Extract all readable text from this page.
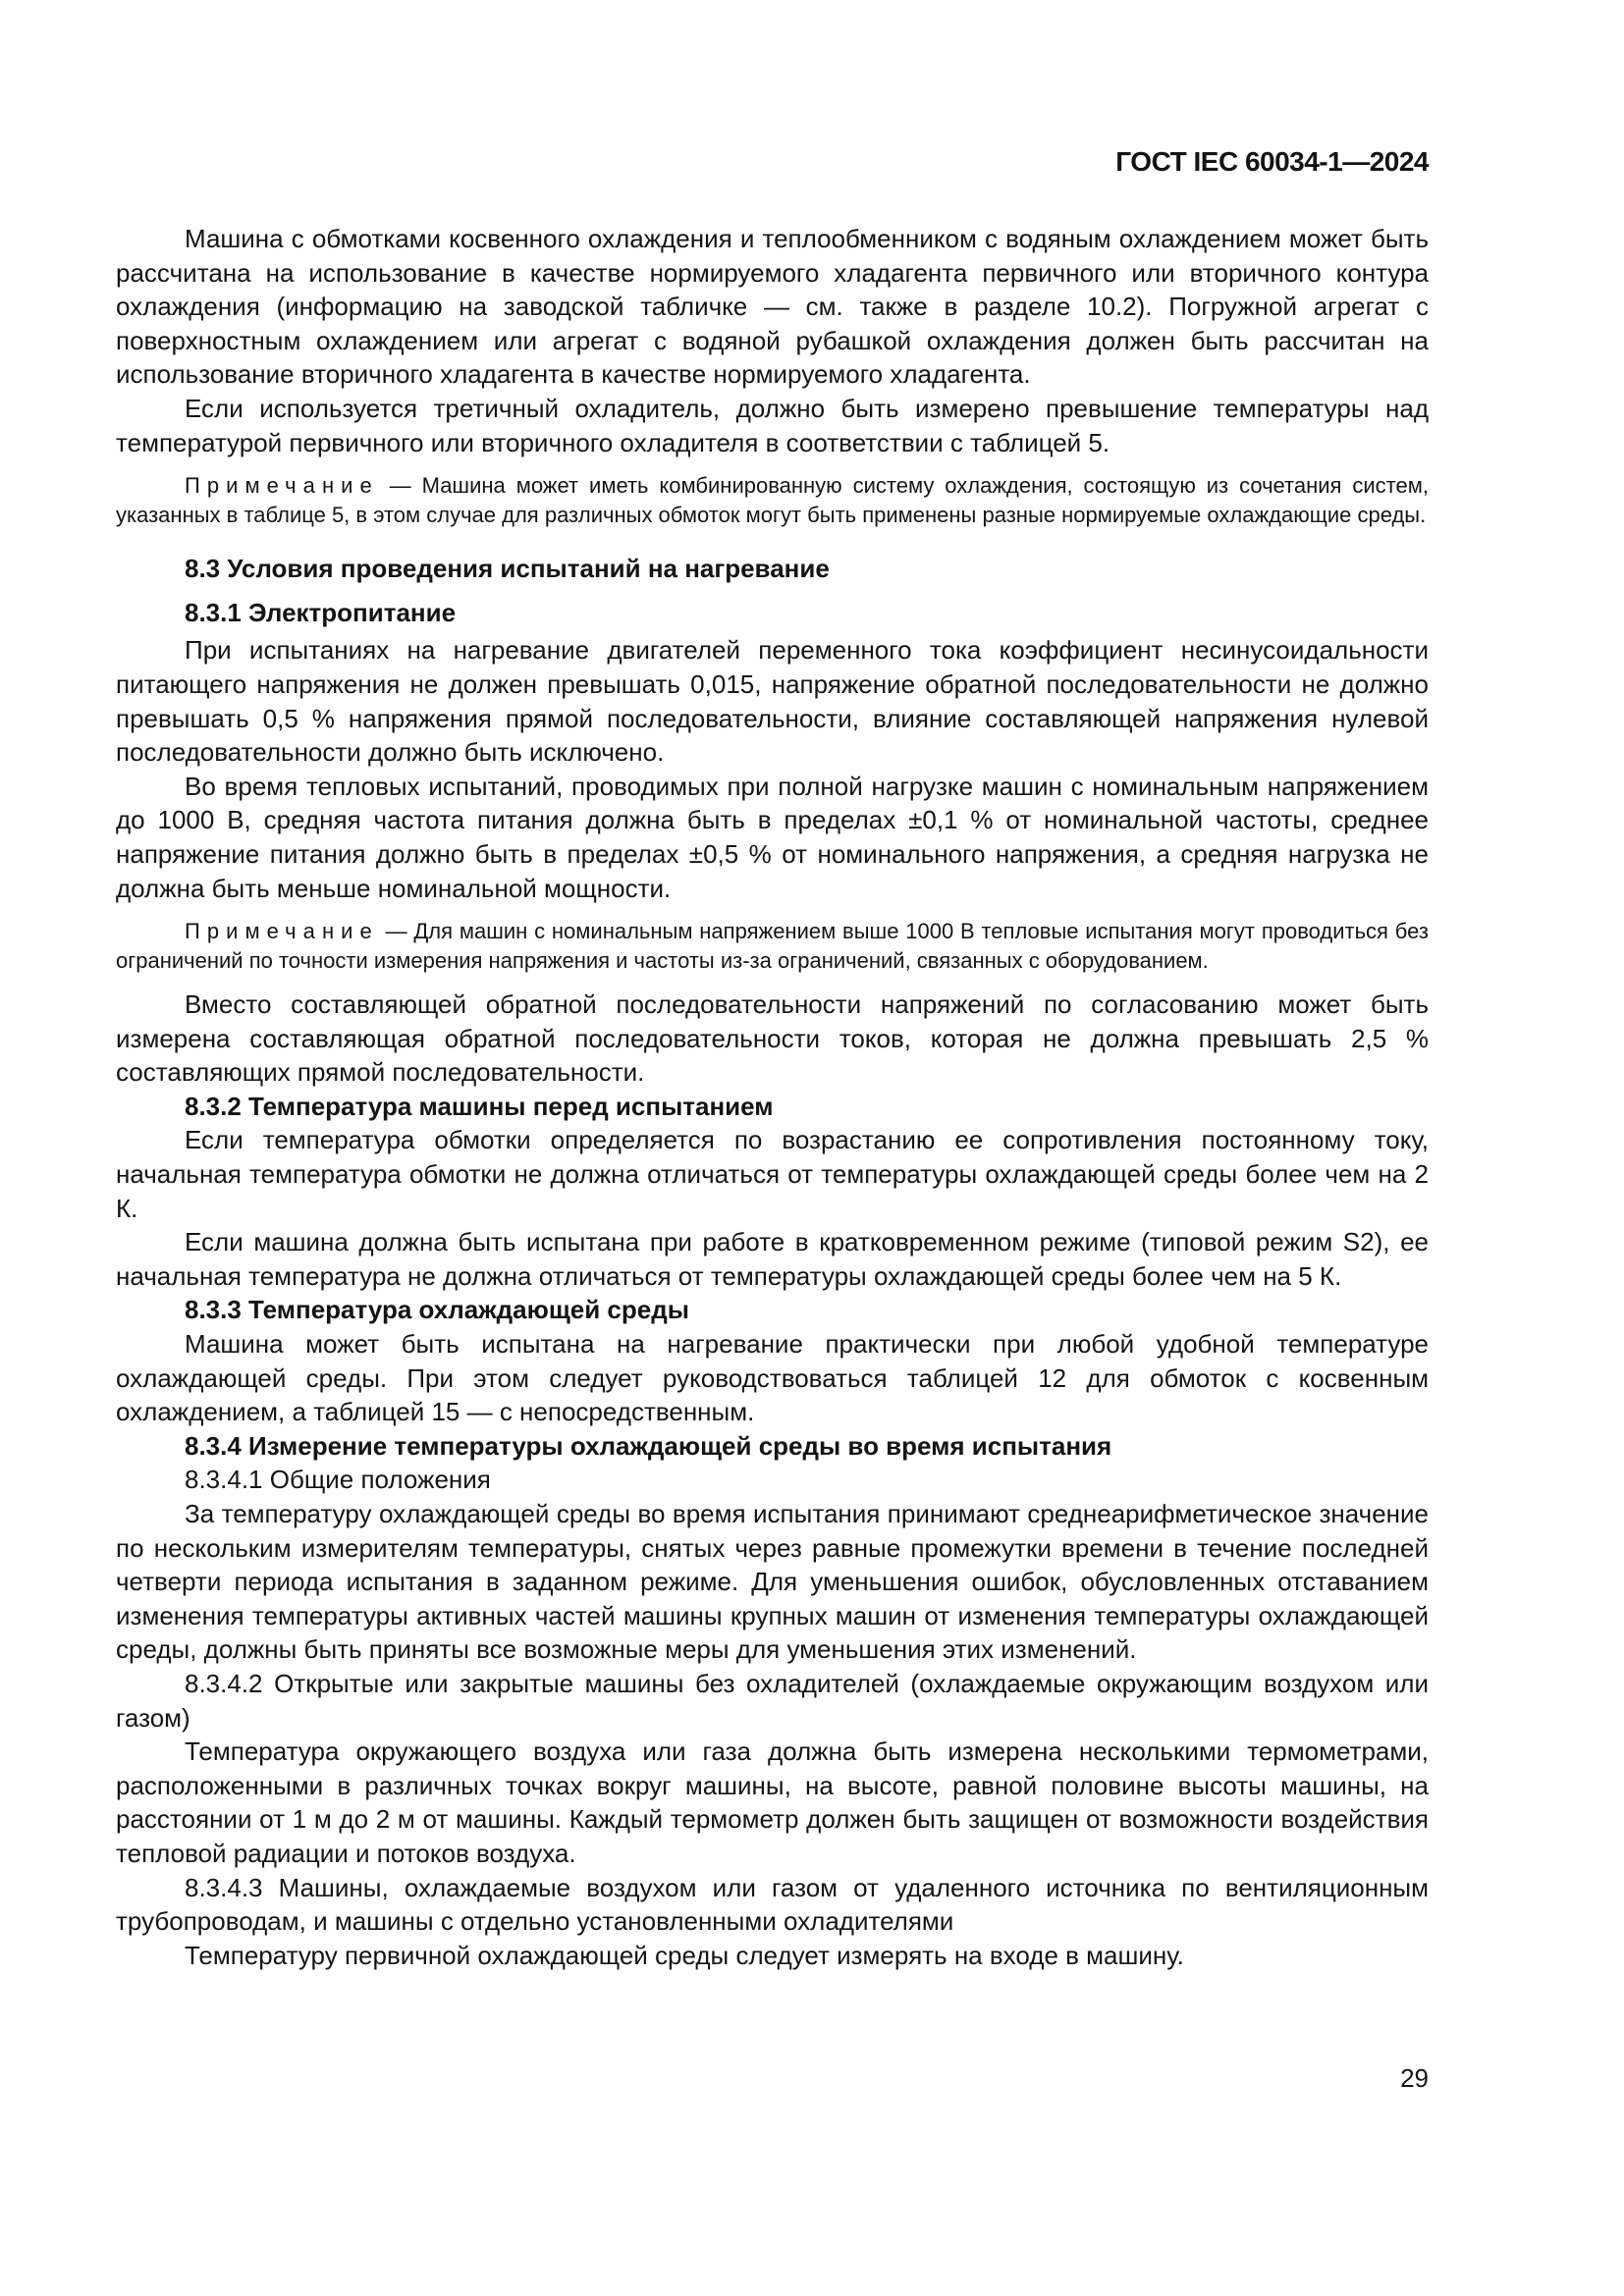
ГОСТ IEC 60034-1—2024

Машина с обмотками косвенного охлаждения и теплообменником с водяным охлаждением может быть рассчитана на использование в качестве нормируемого хладагента первичного или вторичного контура охлаждения (информацию на заводской табличке — см. также в разделе 10.2). Погружной агрегат с поверхностным охлаждением или агрегат с водяной рубашкой охлаждения должен быть рассчитан на использование вторичного хладагента в качестве нормируемого хладагента.

Если используется третичный охладитель, должно быть измерено превышение температуры над температурой первичного или вторичного охладителя в соответствии с таблицей 5.

Примечание — Машина может иметь комбинированную систему охлаждения, состоящую из сочетания систем, указанных в таблице 5, в этом случае для различных обмоток могут быть применены разные нормируемые охлаждающие среды.

8.3 Условия проведения испытаний на нагревание

8.3.1 Электропитание

При испытаниях на нагревание двигателей переменного тока коэффициент несинусоидальности питающего напряжения не должен превышать 0,015, напряжение обратной последовательности не должно превышать 0,5 % напряжения прямой последовательности, влияние составляющей напряжения нулевой последовательности должно быть исключено.

Во время тепловых испытаний, проводимых при полной нагрузке машин с номинальным напряжением до 1000 В, средняя частота питания должна быть в пределах ±0,1 % от номинальной частоты, среднее напряжение питания должно быть в пределах ±0,5 % от номинального напряжения, а средняя нагрузка не должна быть меньше номинальной мощности.

Примечание — Для машин с номинальным напряжением выше 1000 В тепловые испытания могут проводиться без ограничений по точности измерения напряжения и частоты из-за ограничений, связанных с оборудованием.

Вместо составляющей обратной последовательности напряжений по согласованию может быть измерена составляющая обратной последовательности токов, которая не должна превышать 2,5 % составляющих прямой последовательности.

8.3.2 Температура машины перед испытанием

Если температура обмотки определяется по возрастанию ее сопротивления постоянному току, начальная температура обмотки не должна отличаться от температуры охлаждающей среды более чем на 2 К.

Если машина должна быть испытана при работе в кратковременном режиме (типовой режим S2), ее начальная температура не должна отличаться от температуры охлаждающей среды более чем на 5 К.

8.3.3 Температура охлаждающей среды

Машина может быть испытана на нагревание практически при любой удобной температуре охлаждающей среды. При этом следует руководствоваться таблицей 12 для обмоток с косвенным охлаждением, а таблицей 15 — с непосредственным.

8.3.4 Измерение температуры охлаждающей среды во время испытания

8.3.4.1 Общие положения

За температуру охлаждающей среды во время испытания принимают среднеарифметическое значение по нескольким измерителям температуры, снятых через равные промежутки времени в течение последней четверти периода испытания в заданном режиме. Для уменьшения ошибок, обусловленных отставанием изменения температуры активных частей машины крупных машин от изменения температуры охлаждающей среды, должны быть приняты все возможные меры для уменьшения этих изменений.

8.3.4.2 Открытые или закрытые машины без охладителей (охлаждаемые окружающим воздухом или газом)

Температура окружающего воздуха или газа должна быть измерена несколькими термометрами, расположенными в различных точках вокруг машины, на высоте, равной половине высоты машины, на расстоянии от 1 м до 2 м от машины. Каждый термометр должен быть защищен от возможности воздействия тепловой радиации и потоков воздуха.

8.3.4.3 Машины, охлаждаемые воздухом или газом от удаленного источника по вентиляционным трубопроводам, и машины с отдельно установленными охладителями

Температуру первичной охлаждающей среды следует измерять на входе в машину.

29
